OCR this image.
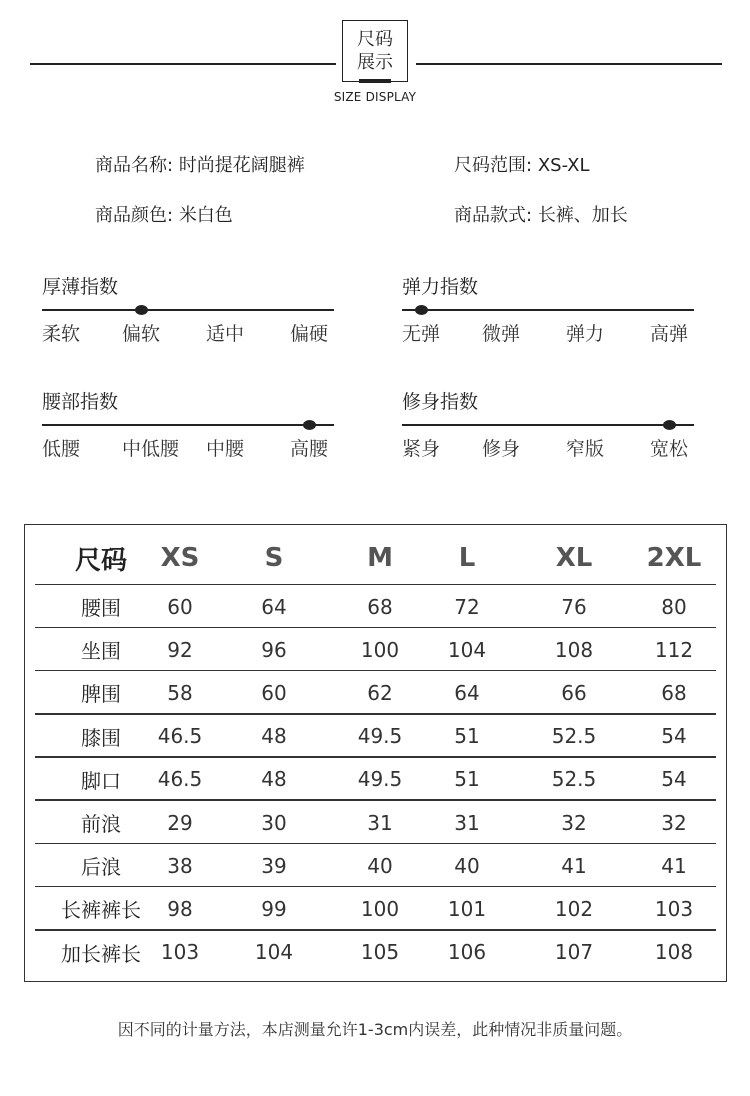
尺码
展示
SIZE DISPLAY
商品名称: 时尚提花阔腿裤	尺码范围: XS-XL
商品颜色: 米白色	商品款式: 长裤、加长
厚薄指数
柔软 偏软 适中 偏硬
弹力指数
无弹 微弹 弹力 高弹
腰部指数
低腰 中低腰 中腰 高腰
修身指数
紧身 修身 窄版 宽松
尺码	XS	S	M	L	XL	2XL
腰围	60	64	68	72	76	80
坐围	92	96	100	104	108	112
脾围	58	60	62	64	66	68
膝围	46.5	48	49.5	51	52.5	54
脚口	46.5	48	49.5	51	52.5	54
前浪	29	30	31	31	32	32
后浪	38	39	40	40	41	41
长裤裤长	98	99	100	101	102	103
加长裤长 103	104	105	106	107	108
因不同的计量方法，本店测量允许1-3cm内误差，此种情况非质量问题。
